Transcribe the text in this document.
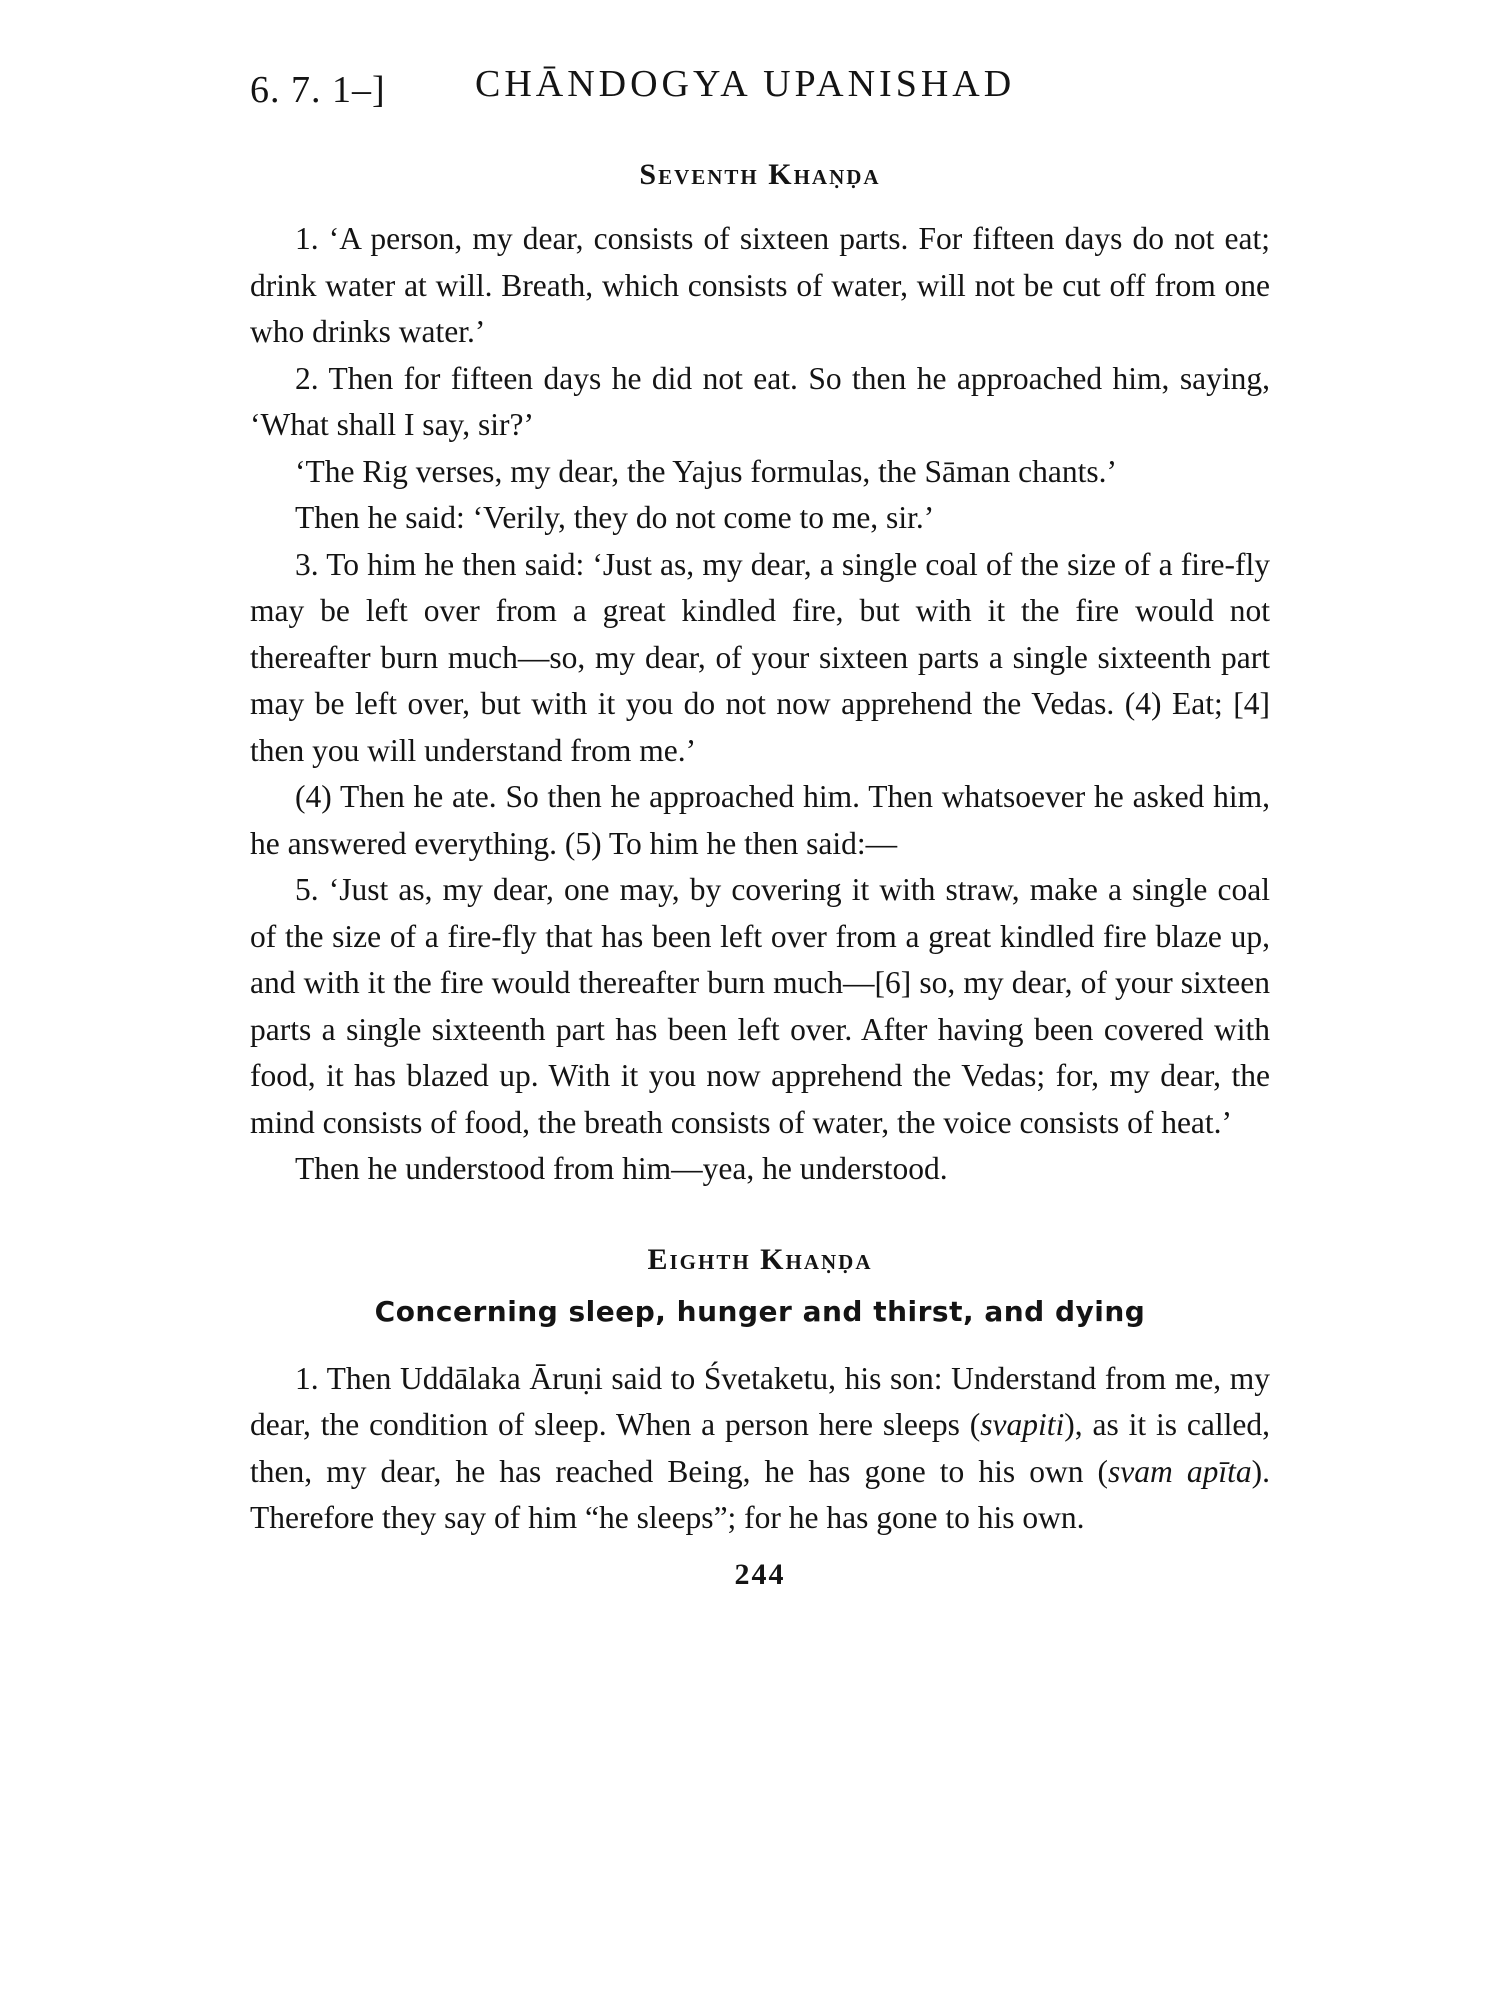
6. 7. 1–] CHĀNDOGYA UPANISHAD
Seventh Khaṇḍa

1. ‘A person, my dear, consists of sixteen parts. For fifteen days do not eat; drink water at will. Breath, which consists of water, will not be cut off from one who drinks water.’

2. Then for fifteen days he did not eat. So then he approached him, saying, ‘What shall I say, sir?’

‘The Rig verses, my dear, the Yajus formulas, the Sāman chants.’

Then he said: ‘Verily, they do not come to me, sir.’

3. To him he then said: ‘Just as, my dear, a single coal of the size of a fire-fly may be left over from a great kindled fire, but with it the fire would not thereafter burn much—so, my dear, of your sixteen parts a single sixteenth part may be left over, but with it you do not now apprehend the Vedas. (4) Eat; [4] then you will understand from me.’

(4) Then he ate. So then he approached him. Then whatsoever he asked him, he answered everything. (5) To him he then said:—

5. ‘Just as, my dear, one may, by covering it with straw, make a single coal of the size of a fire-fly that has been left over from a great kindled fire blaze up, and with it the fire would thereafter burn much—[6] so, my dear, of your sixteen parts a single sixteenth part has been left over. After having been covered with food, it has blazed up. With it you now apprehend the Vedas; for, my dear, the mind consists of food, the breath consists of water, the voice consists of heat.’

Then he understood from him—yea, he understood.

Eighth Khaṇḍa
Concerning sleep, hunger and thirst, and dying

1. Then Uddālaka Āruṇi said to Śvetaketu, his son: Understand from me, my dear, the condition of sleep. When a person here sleeps (svapiti), as it is called, then, my dear, he has reached Being, he has gone to his own (svam apīta). Therefore they say of him “he sleeps”; for he has gone to his own.

244
